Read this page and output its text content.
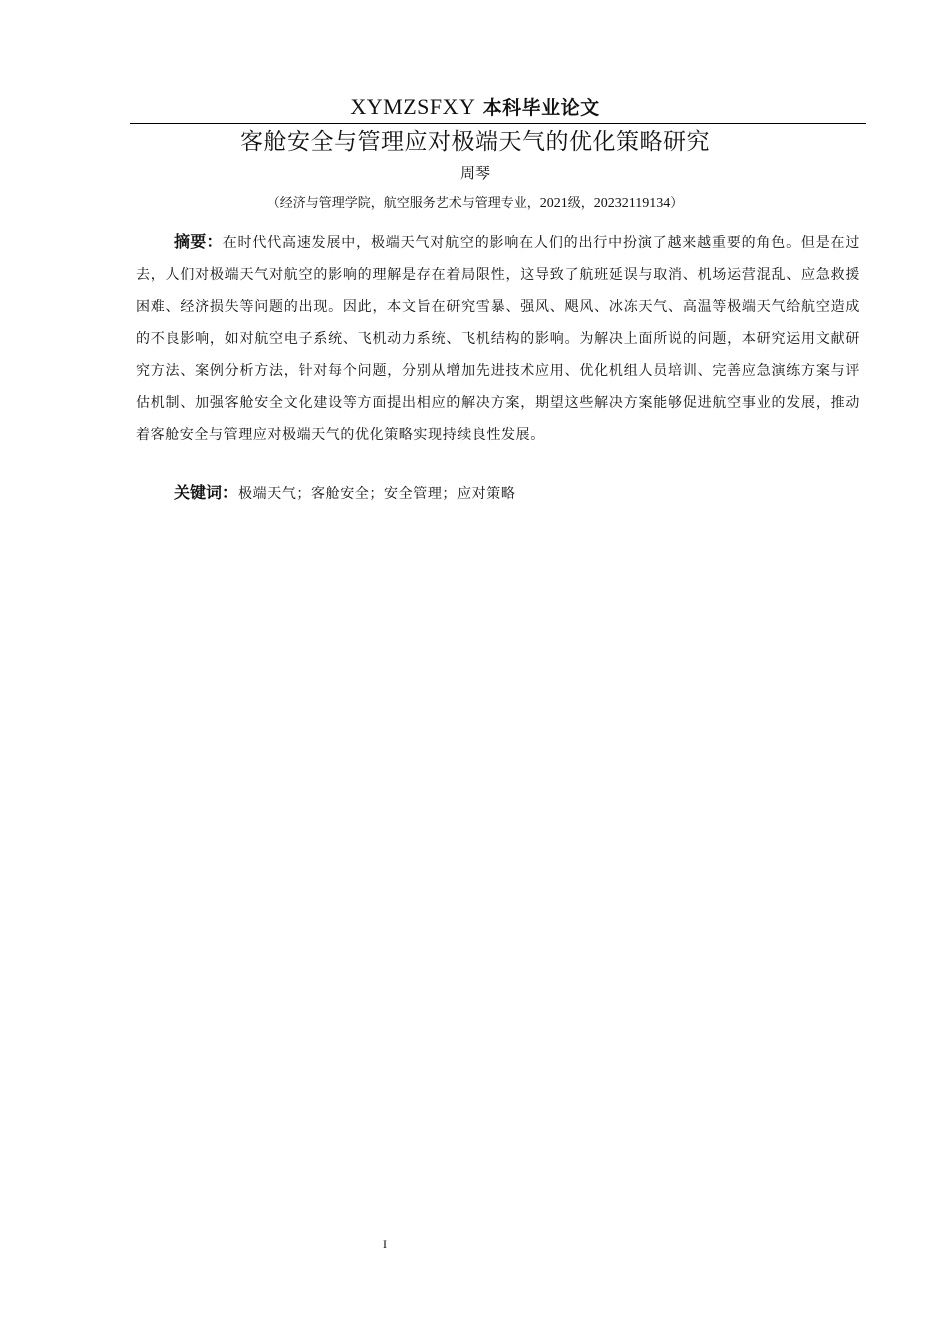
XYMZSFXY 本科毕业论文
客舱安全与管理应对极端天气的优化策略研究
周琴
（经济与管理学院，航空服务艺术与管理专业，2021级，20232119134）
摘要：在时代代高速发展中，极端天气对航空的影响在人们的出行中扮演了越来越重要的角色。但是在过去，人们对极端天气对航空的影响的理解是存在着局限性，这导致了航班延误与取消、机场运营混乱、应急救援困难、经济损失等问题的出现。因此，本文旨在研究雪暴、强风、飓风、冰冻天气、高温等极端天气给航空造成的不良影响，如对航空电子系统、飞机动力系统、飞机结构的影响。为解决上面所说的问题，本研究运用文献研究方法、案例分析方法，针对每个问题，分别从增加先进技术应用、优化机组人员培训、完善应急演练方案与评估机制、加强客舱安全文化建设等方面提出相应的解决方案，期望这些解决方案能够促进航空事业的发展，推动着客舱安全与管理应对极端天气的优化策略实现持续良性发展。
关键词：极端天气；客舱安全；安全管理；应对策略
I
